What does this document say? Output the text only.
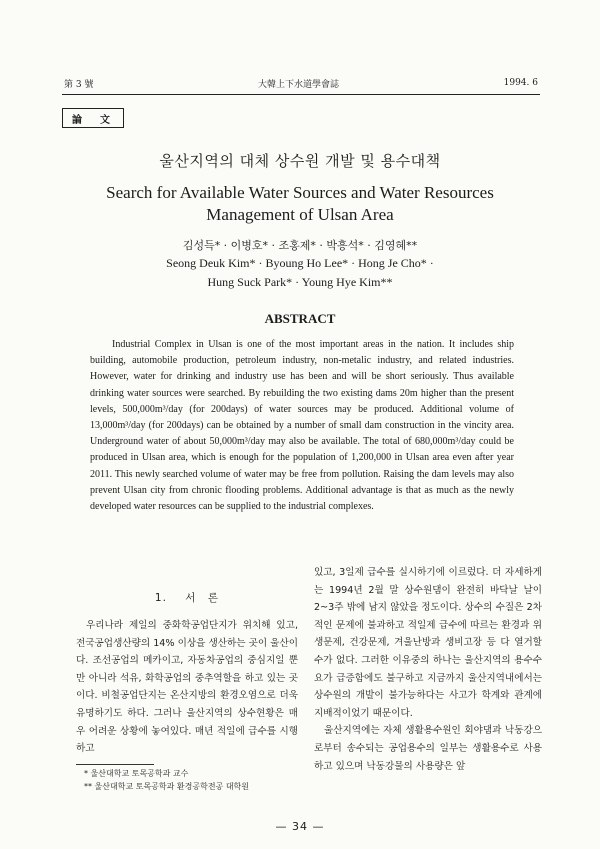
第 3 號	大韓上下水道學會誌	1994. 6
論　文
울산지역의 대체 상수원 개발 및 용수대책
Search for Available Water Sources and Water Resources
Management of Ulsan Area
김성득* · 이병호* · 조홍제* · 박흥석* · 김영혜**
Seong Deuk Kim* · Byoung Ho Lee* · Hong Je Cho* ·
Hung Suck Park* · Young Hye Kim**
ABSTRACT

Industrial Complex in Ulsan is one of the most important areas in the nation. It includes ship building, automobile production, petroleum industry, non-metalic industry, and related industries. However, water for drinking and industry use has been and will be short seriously. Thus available drinking water sources were searched. By rebuilding the two existing dams 20m higher than the present levels, 500,000m³/day (for 200days) of water sources may be produced. Additional volume of 13,000m³/day (for 200days) can be obtained by a number of small dam construction in the vincity area. Underground water of about 50,000m³/day may also be available. The total of 680,000m³/day could be produced in Ulsan area, which is enough for the population of 1,200,000 in Ulsan area even after year 2011. This newly searched volume of water may be free from pollution. Raising the dam levels may also prevent Ulsan city from chronic flooding problems. Additional advantage is that as much as the newly developed water resources can be supplied to the industrial complexes.

1. 서　론

우리나라 제일의 중화학공업단지가 위치해 있고, 전국공업생산량의 14% 이상을 생산하는 곳이 울산이다. 조선공업의 메카이고, 자동차공업의 중심지일 뿐만 아니라 석유, 화학공업의 중추역할을 하고 있는 곳이다. 비철공업단지는 온산지방의 환경오염으로 더욱 유명하기도 하다. 그러나 울산지역의 상수현황은 매우 어려운 상황에 놓여있다. 매년 적일에 급수를 시행하고

있고, 3일제 급수를 실시하기에 이르렀다. 더 자세하게는 1994년 2월 말 상수원댐이 완전히 바닥날 날이 2~3주 밖에 남지 않았을 정도이다. 상수의 수질은 2차적인 문제에 불과하고 적일제 급수에 따르는 환경과 위생문제, 건강문제, 겨울난방과 생비고장 등 다 열거할 수가 없다. 그러한 이유중의 하나는 울산지역의 용수수요가 급증함에도 불구하고 지금까지 울산지역내에서는 상수원의 개발이 불가능하다는 사고가 학계와 관계에 지배적이었기 때문이다.

울산지역에는 자체 생활용수원인 회야댐과 낙동강으로부터 송수되는 공업용수의 일부는 생활용수로 사용하고 있으며 낙동강물의 사용량은 앞

* 울산대학교 토목공학과 교수
** 울산대학교 토목공학과 환경공학전공 대학원
— 34 —
